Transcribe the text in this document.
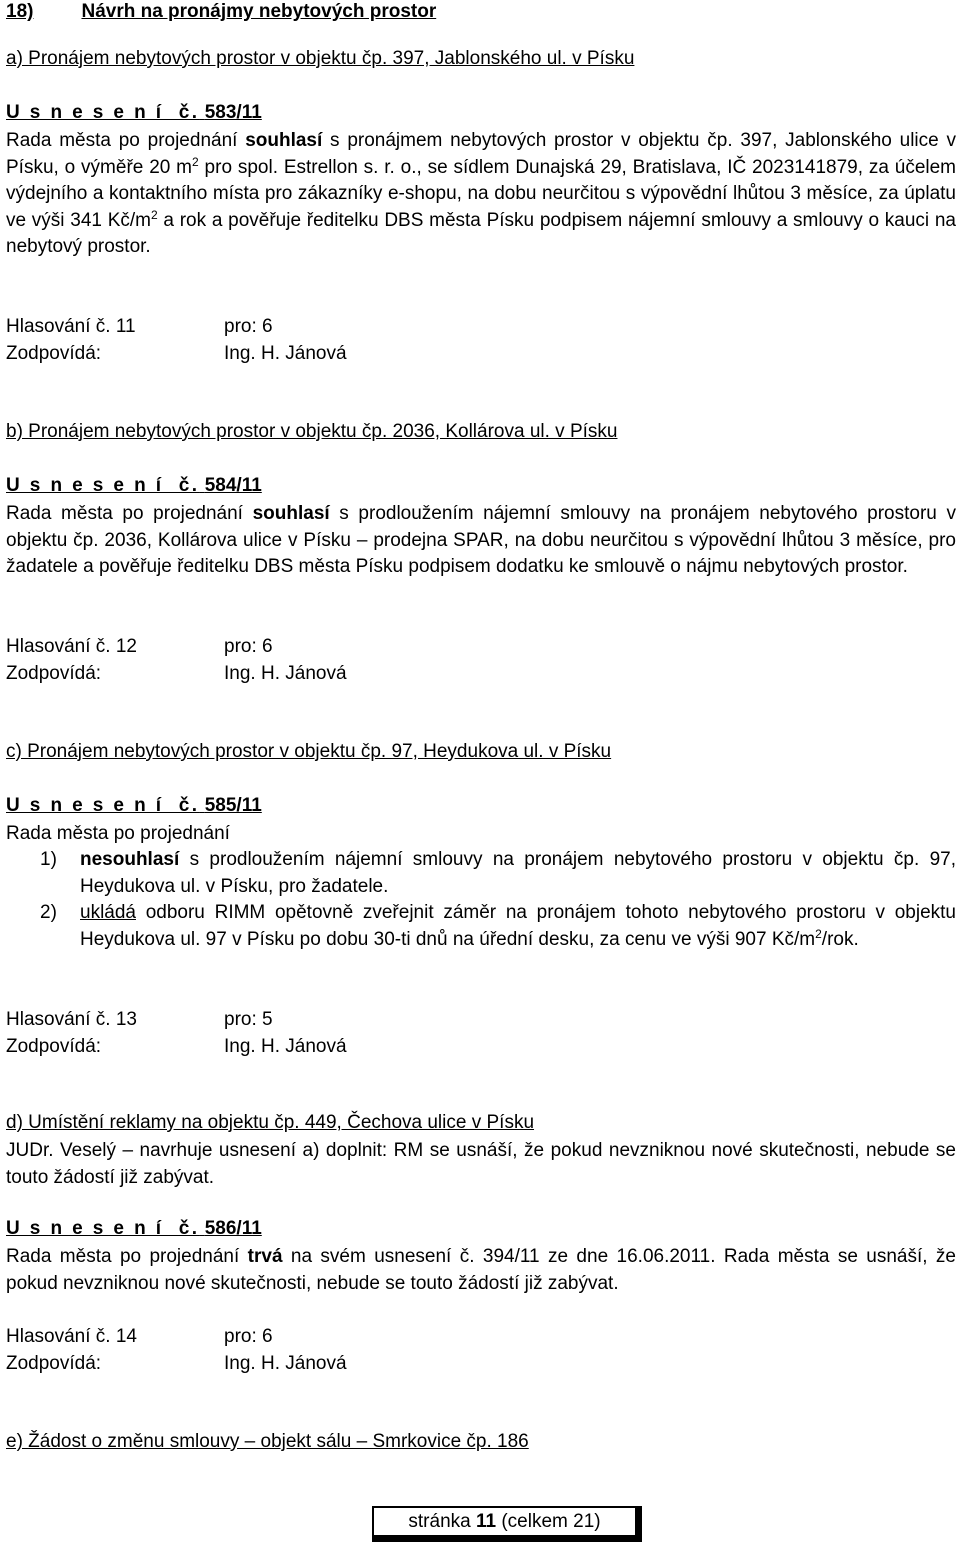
18)	Návrh na pronájmy nebytových prostor
a) Pronájem nebytových prostor v objektu čp. 397, Jablonského ul. v Písku
U s n e s e n í  č. 583/11

Rada města po projednání souhlasí s pronájmem nebytových prostor v objektu čp. 397, Jablonského ulice v Písku, o výměře 20 $m^2$ pro spol. Estrellon s. r. o., se sídlem Dunajská 29, Bratislava, IČ 2023141879, za účelem výdejního a kontaktního místa pro zákazníky e-shopu, na dobu neurčitou s výpovědní lhůtou 3 měsíce, za úplatu ve výši 341 $Kč/m^2$ a rok a pověřuje ředitelku DBS města Písku podpisem nájemní smlouvy a smlouvy o kauci na nebytový prostor.

Hlasování č. 11	pro: 6
Zodpovídá:	Ing. H. Jánová
b) Pronájem nebytových prostor v objektu čp. 2036, Kollárova ul. v Písku
U s n e s e n í  č. 584/11

Rada města po projednání souhlasí s prodloužením nájemní smlouvy na pronájem nebytového prostoru v objektu čp. 2036, Kollárova ulice v Písku – prodejna SPAR, na dobu neurčitou s výpovědní lhůtou 3 měsíce, pro žadatele a pověřuje ředitelku DBS města Písku podpisem dodatku ke smlouvě o nájmu nebytových prostor.

Hlasování č. 12	pro: 6
Zodpovídá:	Ing. H. Jánová
c) Pronájem nebytových prostor v objektu čp. 97, Heydukova ul. v Písku
U s n e s e n í  č. 585/11
Rada města po projednání
1) nesouhlasí s prodloužením nájemní smlouvy na pronájem nebytového prostoru v objektu čp. 97, Heydukova ul. v Písku, pro žadatele.
2) ukládá odboru RIMM opětovně zveřejnit záměr na pronájem tohoto nebytového prostoru v objektu Heydukova ul. 97 v Písku po dobu 30-ti dnů na úřední desku, za cenu ve výši 907 $Kč/m^2$/rok.
Hlasování č. 13	pro: 5
Zodpovídá:	Ing. H. Jánová
d) Umístění reklamy na objektu čp. 449, Čechova ulice v Písku

JUDr. Veselý – navrhuje usnesení a) doplnit: RM se usnáší, že pokud nevzniknou nové skutečnosti, nebude se touto žádostí již zabývat.

U s n e s e n í  č. 586/11

Rada města po projednání trvá na svém usnesení č. 394/11 ze dne 16.06.2011. Rada města se usnáší, že pokud nevzniknou nové skutečnosti, nebude se touto žádostí již zabývat.

Hlasování č. 14	pro: 6
Zodpovídá:	Ing. H. Jánová
e) Žádost o změnu smlouvy – objekt sálu – Smrkovice čp. 186
stránka 11 (celkem 21)
